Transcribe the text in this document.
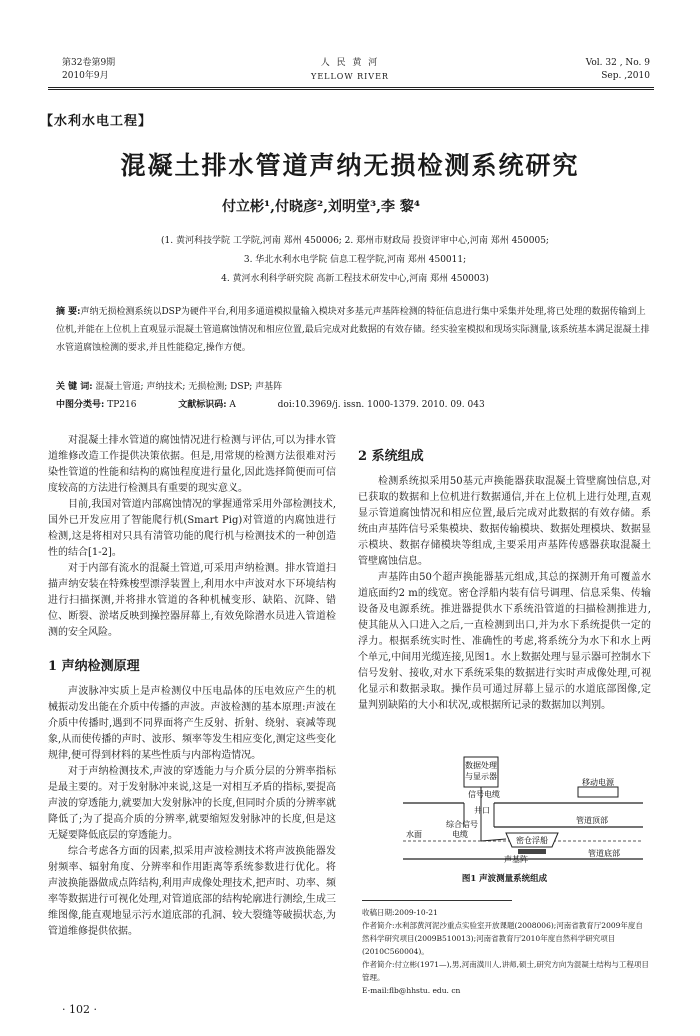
第32卷第9期
2010年9月
人 民 黄 河
YELLOW RIVER
Vol. 32 , No. 9
Sep. ,2010
【水利水电工程】
混凝土排水管道声纳无损检测系统研究
付立彬¹,付晓彦²,刘明堂³,李 黎⁴
(1. 黄河科技学院 工学院,河南 郑州 450006; 2. 郑州市财政局 投资评审中心,河南 郑州 450005;
3. 华北水利水电学院 信息工程学院,河南 郑州 450011;
4. 黄河水利科学研究院 高新工程技术研发中心,河南 郑州 450003)
摘 要:声纳无损检测系统以DSP为硬件平台,利用多通道模拟量输入模块对多基元声基阵检测的特征信息进行集中采集并处理,将已处理的数据传输到上位机,并能在上位机上直观显示混凝土管道腐蚀情况和相应位置,最后完成对此数据的有效存储。经实验室模拟和现场实际测量,该系统基本满足混凝土排水管道腐蚀检测的要求,并且性能稳定,操作方便。
关 键 词: 混凝土管道; 声纳技术; 无损检测; DSP; 声基阵
中图分类号: TP216	文献标识码: A	doi:10.3969/j. issn. 1000-1379. 2010. 09. 043

对混凝土排水管道的腐蚀情况进行检测与评估,可以为排水管道维修改造工作提供决策依据。但是,用常规的检测方法很难对污染性管道的性能和结构的腐蚀程度进行量化,因此选择简便而可信度较高的方法进行检测具有重要的现实意义。

目前,我国对管道内部腐蚀情况的掌握通常采用外部检测技术,国外已开发应用了智能爬行机(Smart Pig)对管道的内腐蚀进行检测,这是将相对只具有清管功能的爬行机与检测技术的一种创造性的结合[1-2]。

对于内部有流水的混凝土管道,可采用声纳检测。排水管道扫描声纳安装在特殊梭型漂浮装置上,利用水中声波对水下环境结构进行扫描探测,并将排水管道的各种机械变形、缺陷、沉降、错位、断裂、淤堵反映到操控器屏幕上,有效免除潜水员进入管道检测的安全风险。

1 声纳检测原理

声波脉冲实质上是声检测仪中压电晶体的压电效应产生的机械振动发出能在介质中传播的声波。声波检测的基本原理:声波在介质中传播时,遇到不同界面将产生反射、折射、绕射、衰减等现象,从而使传播的声时、波形、频率等发生相应变化,测定这些变化规律,便可得到材料的某些性质与内部构造情况。

对于声纳检测技术,声波的穿透能力与介质分层的分辨率指标是最主要的。对于发射脉冲来说,这是一对相互矛盾的指标,要提高声波的穿透能力,就要加大发射脉冲的长度,但同时介质的分辨率就降低了;为了提高介质的分辨率,就要缩短发射脉冲的长度,但是这无疑要降低底层的穿透能力。

综合考虑各方面的因素,拟采用声波检测技术将声波换能器发射频率、辐射角度、分辨率和作用距离等系统参数进行优化。将声波换能器做成点阵结构,利用声成像处理技术,把声时、功率、频率等数据进行可视化处理,对管道底部的结构轮廓进行测绘,生成三维图像,能直观地显示污水道底部的孔洞、较大裂缝等破损状态,为管道维修提供依据。

· 102 ·
2 系统组成

检测系统拟采用50基元声换能器获取混凝土管壁腐蚀信息,对已获取的数据和上位机进行数据通信,并在上位机上进行处理,直观显示管道腐蚀情况和相应位置,最后完成对此数据的有效存储。系统由声基阵信号采集模块、数据传输模块、数据处理模块、数据显示模块、数据存储模块等组成,主要采用声基阵传感器获取混凝土管壁腐蚀信息。

声基阵由50个超声换能器基元组成,其总的探测开角可覆盖水道底面约2 m的线宽。密仓浮船内装有信号调理、信息采集、传输设备及电源系统。推进器提供水下系统沿管道的扫描检测推进力,使其能从入口进入之后,一直检测到出口,并为水下系统提供一定的浮力。根据系统实时性、准确性的考虑,将系统分为水下和水上两个单元,中间用光缆连接,见图1。水上数据处理与显示器可控制水下信号发射、接收,对水下系统采集的数据进行实时声成像处理,可视化显示和数据录取。操作员可通过屏幕上显示的水道底部图像,定量判别缺陷的大小和状况,或根据所记录的数据加以判别。

数据处理
与显示器
信号电缆
移动电源
井口
管道顶部
综合信号
电缆
水面
密仓浮船
声基阵
管道底部
图1 声波测量系统组成
收稿日期:2009-10-21
作者简介:水利部黄河泥沙重点实验室开放课题(2008006);河南省教育厅2009年度自然科学研究项目(2009B510013);河南省教育厅2010年度自然科学研究项目(2010C560004)。
作者简介:付立彬(1971—),男,河南潢川人,讲师,硕士,研究方向为混凝土结构与工程项目管理。
E-mail:flb@hhstu. edu. cn
